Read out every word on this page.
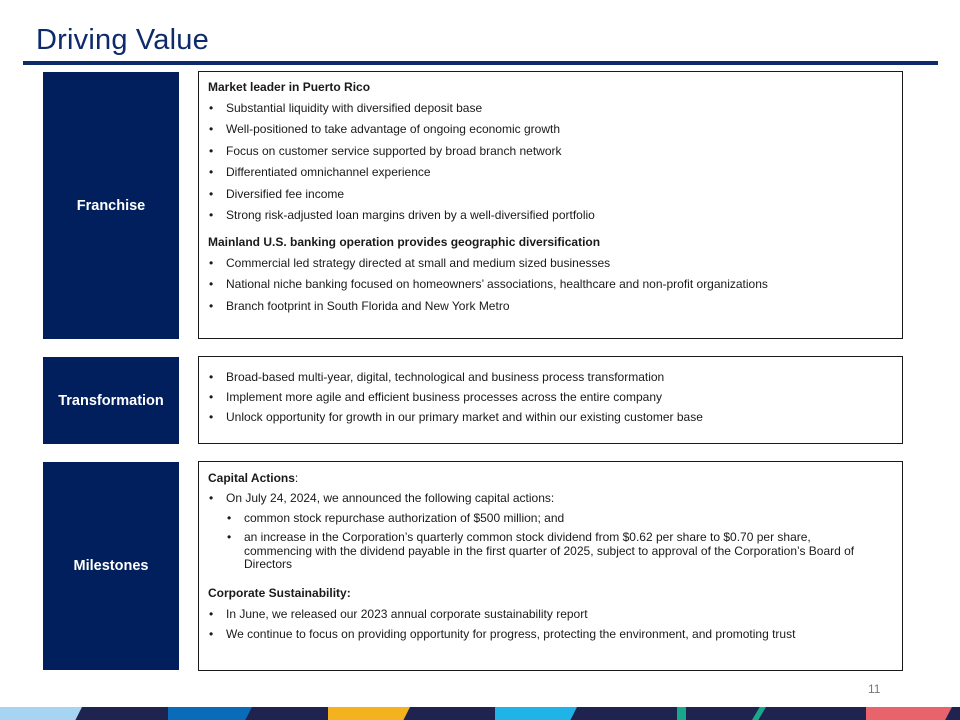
Driving Value
Franchise
Market leader in Puerto Rico
• Substantial liquidity with diversified deposit base
• Well-positioned to take advantage of ongoing economic growth
• Focus on customer service supported by broad branch network
• Differentiated omnichannel experience
• Diversified fee income
• Strong risk-adjusted loan margins driven by a well-diversified portfolio
Mainland U.S. banking operation provides geographic diversification
• Commercial led strategy directed at small and medium sized businesses
• National niche banking focused on homeowners’ associations, healthcare and non-profit organizations
• Branch footprint in South Florida and New York Metro
Transformation
• Broad-based multi-year, digital, technological and business process transformation
• Implement more agile and efficient business processes across the entire company
• Unlock opportunity for growth in our primary market and within our existing customer base
Milestones
Capital Actions:
• On July 24, 2024, we announced the following capital actions:
• common stock repurchase authorization of $500 million; and
• an increase in the Corporation’s quarterly common stock dividend from $0.62 per share to $0.70 per share, commencing with the dividend payable in the first quarter of 2025, subject to approval of the Corporation’s Board of Directors
Corporate Sustainability:
• In June, we released our 2023 annual corporate sustainability report
• We continue to focus on providing opportunity for progress, protecting the environment, and promoting trust
11
